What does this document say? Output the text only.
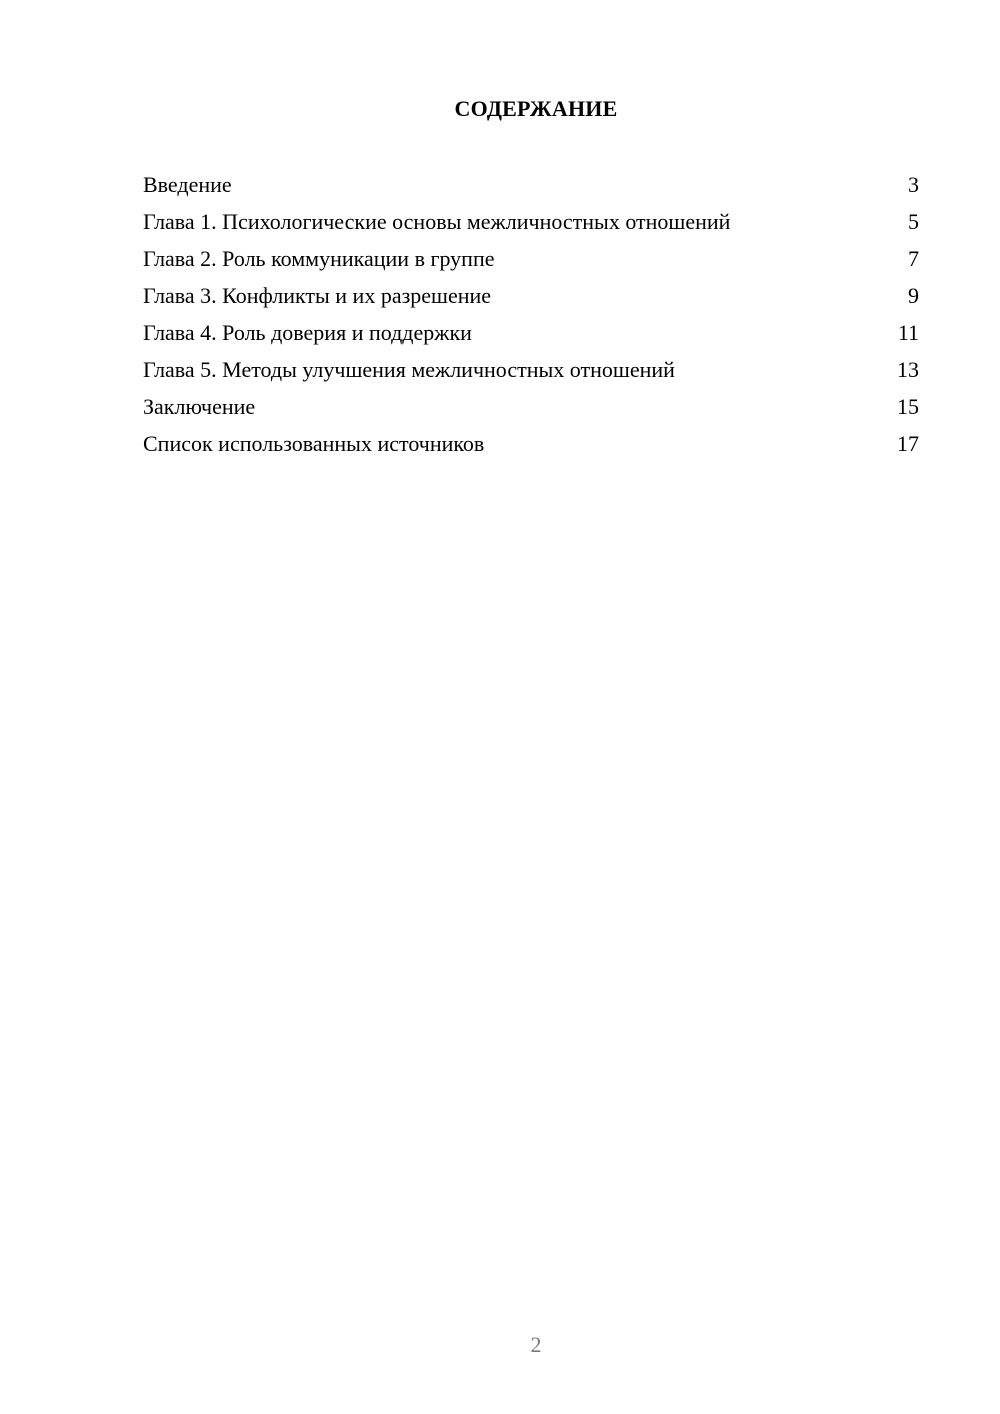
СОДЕРЖАНИЕ
Введение	3
Глава 1. Психологические основы межличностных отношений	5
Глава 2. Роль коммуникации в группе	7
Глава 3. Конфликты и их разрешение	9
Глава 4. Роль доверия и поддержки	11
Глава 5. Методы улучшения межличностных отношений	13
Заключение	15
Список использованных источников	17
2
